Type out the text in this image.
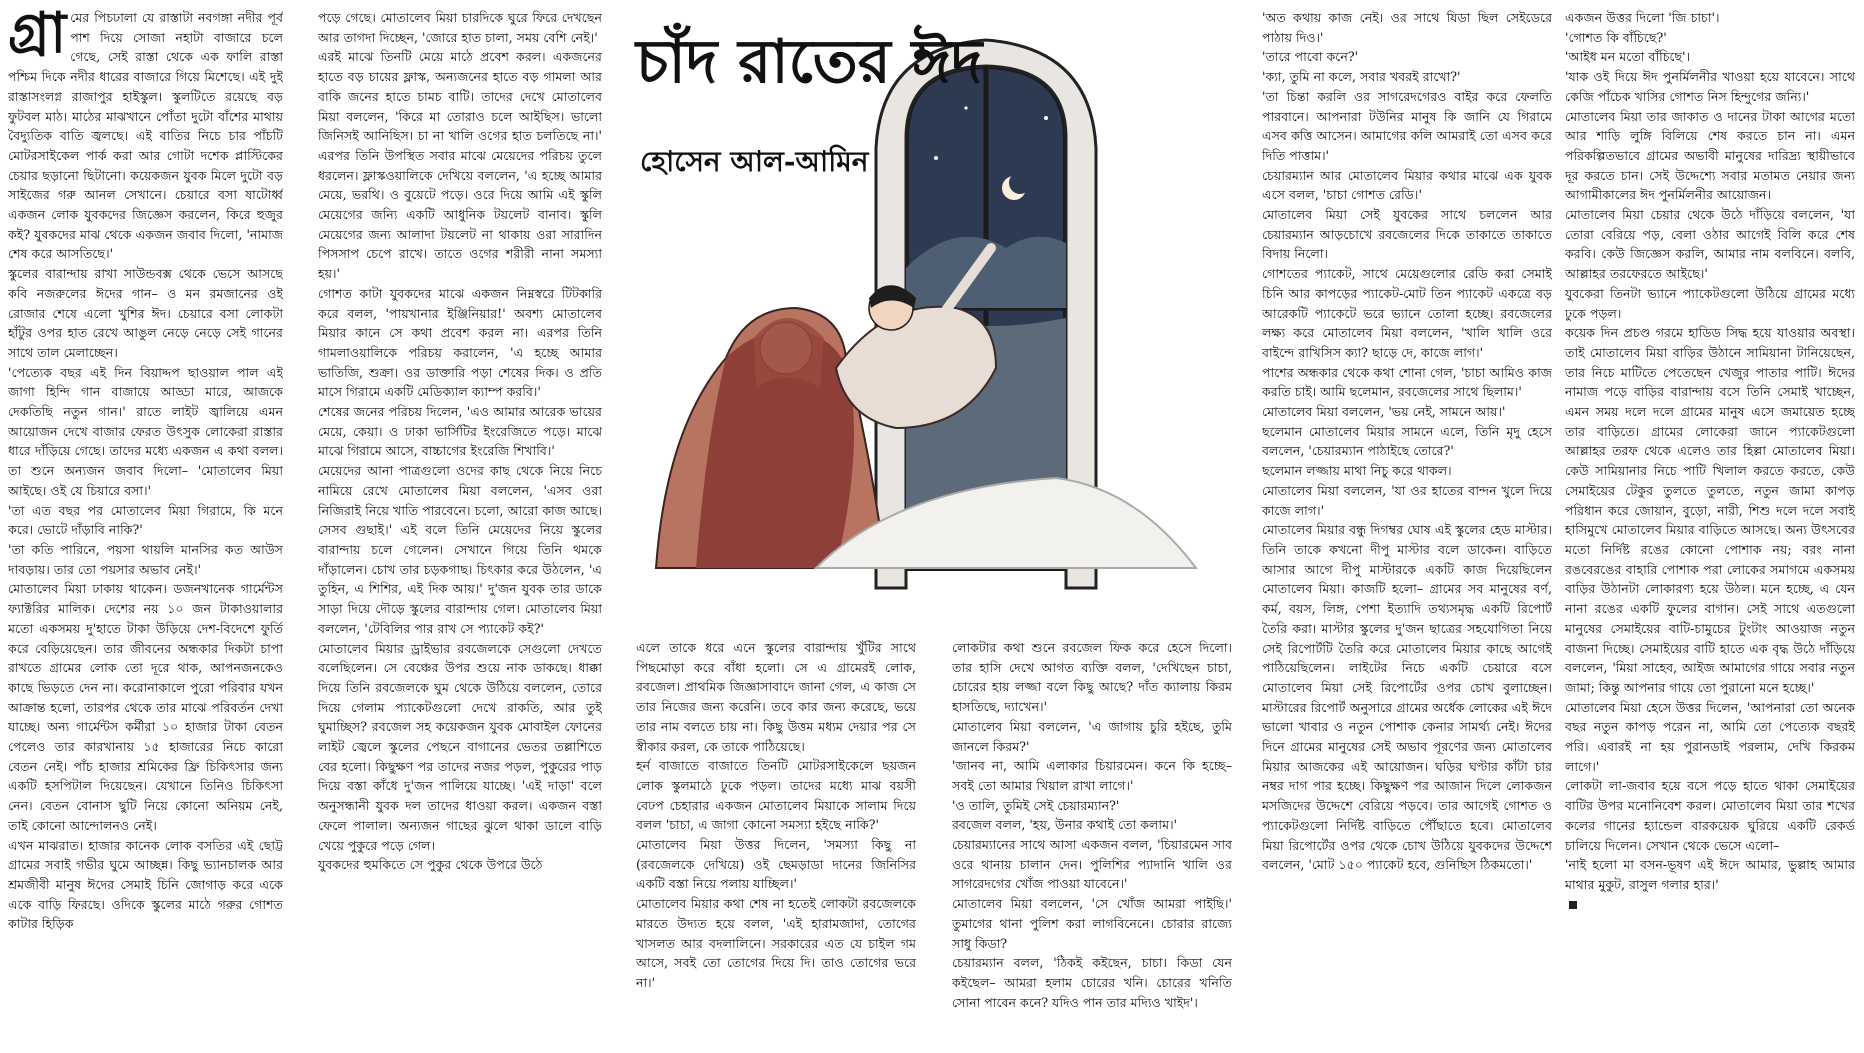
গ্রা মের পিচঢালা যে রাস্তাটা নবগঙ্গা নদীর পূর্ব পাশ দিয়ে সোজা নহাটা বাজারে চলে গেছে, সেই রাস্তা থেকে এক ফালি রাস্তা পশ্চিম দিকে নদীর ধারের বাজারে গিয়ে মিশেছে। এই দুই রাস্তাসংলগ্ন রাজাপুর হাইস্কুল। স্কুলটিতে রয়েছে বড় ফুটবল মাঠ। মাঠের মাঝখানে পোঁতা দুটো বাঁশের মাথায় বৈদ্যুতিক বাতি জ্বলছে। এই বাতির নিচে চার পাঁচটি মোটরসাইকেল পার্ক করা আর গোটা দশেক প্লাস্টিকের চেয়ার ছড়ানো ছিটানো। কয়েকজন যুবক মিলে দুটো বড় সাইজের গরু আনল সেখানে। চেয়ারে বসা ষাটোর্ধ্ব একজন লোক যুবকদের জিজ্ঞেস করলেন, কিরে হুজুর কই? যুবকদের মাঝ থেকে একজন জবাব দিলো, 'নামাজ শেষ করে আসতিছে।'

স্কুলের বারান্দায় রাখা সাউন্ডবক্স থেকে ভেসে আসছে কবি নজরুলের ঈদের গান– ও মন রমজানের ওই রোজার শেষে এলো খুশির ঈদ। চেয়ারে বসা লোকটা হাঁটুর ওপর হাত রেখে আঙুল নেড়ে নেড়ে সেই গানের সাথে তাল মেলাচ্ছেন।

'পেত্যেক বছর এই দিন বিয়াদ্দপ ছাওয়াল পাল এই জাগা হিন্দি গান বাজায়ে আড্ডা মারে, আজকে দেকতিছি নতুন গান।' রাতে লাইট জ্বালিয়ে এমন আয়োজন দেখে বাজার ফেরত উৎসুক লোকেরা রাস্তার ধারে দাঁড়িয়ে গেছে। তাদের মধ্যে একজন এ কথা বলল। তা শুনে অন্যজন জবাব দিলো– 'মোতালেব মিয়া আইছে। ওই যে চিয়ারে বসা।'

'তা এত বছর পর মোতালেব মিয়া গিরামে, কি মনে করে। ভোটে দাঁড়াবি নাকি?'

'তা কতি পারিনে, পয়সা থায়লি মানসির কত আউস দাবড়ায়। তার তো পয়সার অভাব নেই।'

মোতালেব মিয়া ঢাকায় থাকেন। ডজনখানেক গার্মেন্টস ফ্যাক্টরির মালিক। দেশের নয় ১০ জন টাকাওয়ালার মতো একসময় দু'হাতে টাকা উড়িয়ে দেশ-বিদেশে ফুর্তি করে বেড়িয়েছেন। তার জীবনের অন্ধকার দিকটা চাপা রাখতে গ্রামের লোক তো দূরে থাক, আপনজনকেও কাছে ভিড়তে দেন না। করোনাকালে পুরো পরিবার যখন আক্রান্ত হলো, তারপর থেকে তার মাঝে পরিবর্তন দেখা যাচ্ছে। অন্য গার্মেন্টস কর্মীরা ১০ হাজার টাকা বেতন পেলেও তার কারখানায় ১৫ হাজারের নিচে কারো বেতন নেই। পাঁচ হাজার শ্রমিকের ফ্রি চিকিৎসার জন্য একটি হসপিটাল দিয়েছেন। যেখানে তিনিও চিকিৎসা নেন। বেতন বোনাস ছুটি নিয়ে কোনো অনিয়ম নেই, তাই কোনো আন্দোলনও নেই।

এখন মাঝরাত। হাজার কানেক লোক বসতির এই ছোট্ট গ্রামের সবাই গভীর ঘুমে আচ্ছন্ন। কিছু ভ্যানচালক আর শ্রমজীবী মানুষ ঈদের সেমাই চিনি জোগাড় করে একে একে বাড়ি ফিরছে। ওদিকে স্কুলের মাঠে গরুর গোশত কাটার হিড়িক

পড়ে গেছে। মোতালেব মিয়া চারদিকে ঘুরে ফিরে দেখছেন আর তাগদা দিচ্ছেন, 'জোরে হাত চালা, সময় বেশি নেই।'

এরই মাঝে তিনটি মেয়ে মাঠে প্রবেশ করল। একজনের হাতে বড় চায়ের ফ্লাস্ক, অন্যজনের হাতে বড় গামলা আর বাকি জনের হাতে চামচ বাটি। তাদের দেখে মোতালেব মিয়া বললেন, 'কিরে মা তোরাও চলে আইছিস। ভালো জিনিসই আনিছিস। চা না খালি ওগের হাত চলতিছে না।' এরপর তিনি উপস্থিত সবার মাঝে মেয়েদের পরিচয় তুলে ধরলেন। ফ্লাস্কওয়ালিকে দেখিয়ে বললেন, 'এ হচ্ছে আমার মেয়ে, ভরথি। ও বুয়েটে পড়ে। ওরে দিয়ে আমি এই স্কুলি মেয়েগের জন্যি একটি আধুনিক টয়লেট বানাব। স্কুলি মেয়েগের জন্য আলাদা টয়লেট না থাকায় ওরা সারাদিন পিসসাপ চেপে রাখে। তাতে ওগের শরীরী নানা সমস্যা হয়।'

গোশত কাটা যুবকদের মাঝে একজন নিম্নস্বরে টিটকারি করে বলল, 'পায়খানার ইঞ্জিনিয়ার!' অবশ্য মোতালেব মিয়ার কানে সে কথা প্রবেশ করল না। এরপর তিনি গামলাওয়ালিকে পরিচয় করালেন, 'এ হচ্ছে আমার ভাতিজি, শুক্রা। ওর ডাক্তারি পড়া শেষের দিক। ও প্রতি মাসে গিরামে একটি মেডিক্যাল ক্যাম্প করবি।'

শেষের জনের পরিচয় দিলেন, 'এও আমার আরেক ভায়ের মেয়ে, কেয়া। ও ঢাকা ভার্সিটির ইংরেজিতে পড়ে। মাঝে মাঝে গিরামে আসে, বাচ্চাগের ইংরেজি শিখাবি।'

মেয়েদের আনা পাত্রগুলো ওদের কাছ থেকে নিয়ে নিচে নামিয়ে রেখে মোতালেব মিয়া বললেন, 'এসব ওরা নিজিরাই নিয়ে খাতি পারবেনে। চলো, আরো কাজ আছে। সেসব গুছাই।' এই বলে তিনি মেয়েদের নিয়ে স্কুলের বারান্দায় চলে গেলেন। সেখানে গিয়ে তিনি থমকে দাঁড়ালেন। চোখ তার চড়কগাছ। চিৎকার করে উঠলেন, 'এ তুহিন, এ শিশির, এই দিক আয়।' দু'জন যুবক তার ডাকে সাড়া দিয়ে দৌড়ে স্কুলের বারান্দায় গেল। মোতালেব মিয়া বললেন, 'টেবিলির পার রাখ সে প্যাকেট কই?'

মোতালেব মিয়ার ড্রাইভার রবজেলকে সেগুলো দেখতে বলেছিলেন। সে বেঞ্চের উপর শুয়ে নাক ডাকছে। ধাক্কা দিয়ে তিনি রবজেলকে ঘুম থেকে উঠিয়ে বললেন, তোরে দিয়ে গেলাম প্যাকেটগুলো দেখে রাকতি, আর তুই ঘুমাচ্ছিস? রবজেল সহ কয়েকজন যুবক মোবাইল ফোনের লাইট জ্বেলে স্কুলের পেছনে বাগানের ভেতর তল্লাশিতে বের হলো। কিছুক্ষণ পর তাদের নজর পড়ল, পুকুরের পাড় দিয়ে বস্তা কাঁধে দু'জন পালিয়ে যাচ্ছে। 'এই দাড়া' বলে অনুসন্ধানী যুবক দল তাদের ধাওয়া করল। একজন বস্তা ফেলে পালাল। অন্যজন গাছের ঝুলে থাকা ডালে বাড়ি খেয়ে পুকুরে পড়ে গেল।

যুবকদের হুমকিতে সে পুকুর থেকে উপরে উঠে

চাঁদ রাতের ঈদ
হোসেন আল-আমিন

এলে তাকে ধরে এনে স্কুলের বারান্দায় খুঁটির সাথে পিছমোড়া করে বাঁধা হলো। সে এ গ্রামেরই লোক, রবজেল। প্রাথমিক জিজ্ঞাসাবাদে জানা গেল, এ কাজ সে তার নিজের জন্য করেনি। তবে কার জন্য করেছে, ভয়ে তার নাম বলতে চায় না। কিছু উত্তম মধ্যম দেয়ার পর সে স্বীকার করল, কে তাকে পাঠিয়েছে।

হর্ন বাজাতে বাজাতে তিনটি মোটরসাইকেলে ছয়জন লোক স্কুলমাঠে ঢুকে পড়ল। তাদের মধ্যে মাঝ বয়সী বেঢপ চেহারার একজন মোতালেব মিয়াকে সালাম দিয়ে বলল 'চাচা, এ জাগা কোনো সমস্যা হইছে নাকি?'

মোতালেব মিয়া উত্তর দিলেন, 'সমস্যা কিছু না (রবজেলকে দেখিয়ে) ওই ছেমড়াডা দানের জিনিসির একটি বস্তা নিয়ে পলায় যাচ্ছিল।'

মোতালেব মিয়ার কথা শেষ না হতেই লোকটা রবজেলকে মারতে উদ্যত হয়ে বলল, 'এই হারামজাদা, তোগের খাসলত আর বদলালিনে। সরকারের এত যে চাইল গম আসে, সবই তো তোগের দিয়ে দি। তাও তোগের ভরে না।'

লোকটার কথা শুনে রবজেল ফিক করে হেসে দিলো। তার হাসি দেখে আগত ব্যক্তি বলল, 'দেখিছেন চাচা, চোরের হায় লজ্জা বলে কিছু আছে? দাঁত ক্যালায় কিরম হাসতিছে, দ্যাখেন।'

মোতালেব মিয়া বললেন, 'এ জাগায় চুরি হইছে, তুমি জানলে কিরম?'

'জানব না, আমি এলাকার চিয়ারমেন। কনে কি হচ্ছে– সবই তো আমার খিয়াল রাখা লাগে।'

'ও তালি, তুমিই সেই চেয়ারম্যান?'

রবজেল বলল, 'হয়, উনার কথাই তো কলাম।'

চেয়ারম্যানের সাথে আসা একজন বলল, 'চিয়ারমেন সাব ওরে থানায় চালান দেন। পুলিশির প্যাদানি খালি ওর সাগরেদগের খোঁজ পাওয়া যাবেনে।'

মোতালেব মিয়া বললেন, 'সে খোঁজ আমরা পাইছি।' তুমাগের থানা পুলিশ করা লাগবিনেনে। চোরার রাজ্যে সাধু কিডা?

চেয়ারম্যান বলল, 'ঠিকই কইছেন, চাচা। কিডা যেন কইছেল– আমরা হলাম চোরের খনি। চোরের খনিতি সোনা পাবেন কনে? যদিও পান তার মদ্যিও খাইদ'।

'অত কথায় কাজ নেই। ওর সাথে যিডা ছিল সেইডেরে পাঠায় দিও।'

'তারে পাবো কনে?'

'ক্যা, তুমি না কলে, সবার খবরই রাখো?'

'তা চিন্তা করলি ওর সাগরেদগেরও বাইর করে ফেলতি পারবানে। আপনারা টউনির মানুষ কি জানি যে গিরামে এসব কত্তি আসেন। আমাগের কলি আমরাই তো এসব করে দিতি পাত্তাম।'

চেয়ারম্যান আর মোতালেব মিয়ার কথার মাঝে এক যুবক এসে বলল, 'চাচা গোশত রেডি।'

মোতালেব মিয়া সেই যুবকের সাথে চললেন আর চেয়ারম্যান আড়চোখে রবজেলের দিকে তাকাতে তাকাতে বিদায় নিলো।

গোশতের প্যাকেট, সাথে মেয়েগুলোর রেডি করা সেমাই চিনি আর কাপড়ের প্যাকেট-মোট তিন প্যাকেট একত্রে বড় আরেকটি প্যাকেটে ভরে ভ্যানে তোলা হচ্ছে। রবজেলের লক্ষ্য করে মোতালেব মিয়া বললেন, 'খালি খালি ওরে বাইন্দে রাখিসিস ক্যা? ছাড়ে দে, কাজে লাগ।'

পাশের অন্ধকার থেকে কথা শোনা গেল, 'চাচা আমিও কাজ করতি চাই। আমি ছলেমান, রবজেলের সাথে ছিলাম।'

মোতালেব মিয়া বললেন, 'ভয় নেই, সামনে আয়।'

ছলেমান মোতালেব মিয়ার সামনে এলে, তিনি মৃদু হেসে বললেন, 'চেয়ারম্যান পাঠাইছে তোরে?'

ছলেমান লজ্জায় মাথা নিচু করে থাকল।

মোতালেব মিয়া বললেন, 'যা ওর হাতের বান্দন খুলে দিয়ে কাজে লাগ।'

মোতালেব মিয়ার বন্ধু দিগম্বর ঘোষ এই স্কুলের হেড মাস্টার। তিনি তাকে কখনো দীপু মাস্টার বলে ডাকেন। বাড়িতে আসার আগে দীপু মাস্টারকে একটি কাজ দিয়েছিলেন মোতালেব মিয়া। কাজটি হলো– গ্রামের সব মানুষের বর্ণ, কর্ম, বয়স, লিঙ্গ, পেশা ইত্যাদি তথ্যসমৃদ্ধ একটি রিপোর্ট তৈরি করা। মাস্টার স্কুলের দু'জন ছাত্রের সহযোগিতা নিয়ে সেই রিপোর্টটি তৈরি করে মোতালেব মিয়ার কাছে আগেই পাঠিয়েছিলেন। লাইটের নিচে একটি চেয়ারে বসে মোতালেব মিয়া সেই রিপোর্টের ওপর চোখ বুলাচ্ছেন। মাস্টারের রিপোর্ট অনুসারে গ্রামের অর্ধেক লোকের এই ঈদে ভালো খাবার ও নতুন পোশাক কেনার সামর্থ্য নেই। ঈদের দিনে গ্রামের মানুষের সেই অভাব পূরণের জন্য মোতালেব মিয়ার আজকের এই আয়োজন। ঘড়ির ঘণ্টার কাঁটা চার নম্বর দাগ পার হচ্ছে। কিছুক্ষণ পর আজান দিলে লোকজন মসজিদের উদ্দেশে বেরিয়ে পড়বে। তার আগেই গোশত ও প্যাকেটগুলো নির্দিষ্ট বাড়িতে পৌঁছাতে হবে। মোতালেব মিয়া রিপোর্টের ওপর থেকে চোখ উঠিয়ে যুবকদের উদ্দেশে বললেন, 'মোট ১৫০ প্যাকেট হবে, গুনিছিস ঠিকমতো।'

একজন উত্তর দিলো 'জি চাচা'।

'গোশত কি বাঁচিছে?'

'আইধ মন মতো বাঁচিছে'।

'যাক ওই দিয়ে ঈদ পুনর্মিলনীর খাওয়া হয়ে যাবেনে। সাথে কেজি পাঁচেক খাসির গোশত নিস হিন্দুগের জন্যি।'

মোতালেব মিয়া তার জাকাত ও দানের টাকা আগের মতো আর শাড়ি লুঙ্গি বিলিয়ে শেষ করতে চান না। এমন পরিকল্পিতভাবে গ্রামের অভাবী মানুষের দারিদ্র্য স্থায়ীভাবে দূর করতে চান। সেই উদ্দেশ্যে সবার মতামত নেয়ার জন্য আগামীকালের ঈদ পুনর্মিলনীর আয়োজন।

মোতালেব মিয়া চেয়ার থেকে উঠে দাঁড়িয়ে বললেন, 'যা তোরা বেরিয়ে পড়, বেলা ওঠার আগেই বিলি করে শেষ করবি। কেউ জিজ্ঞেস করলি, আমার নাম বলবিনে। বলবি, আল্লাহর তরফেরতে আইছে।'

যুবকেরা তিনটা ভ্যানে প্যাকেটগুলো উঠিয়ে গ্রামের মধ্যে ঢুকে পড়ল।

কয়েক দিন প্রচণ্ড গরমে হাডিড সিদ্ধ হয়ে যাওয়ার অবস্থা। তাই মোতালেব মিয়া বাড়ির উঠানে সামিয়ানা টানিয়েছেন, তার নিচে মাটিতে পেতেছেন খেজুর পাতার পাটি। ঈদের নামাজ পড়ে বাড়ির বারান্দায় বসে তিনি সেমাই খাচ্ছেন, এমন সময় দলে দলে গ্রামের মানুষ এসে জমায়েত হচ্ছে তার বাড়িতে। গ্রামের লোকেরা জানে প্যাকেটগুলো আল্লাহর তরফ থেকে এলেও তার হিল্লা মোতালেব মিয়া। কেউ সামিয়ানার নিচে পাটি খিলাল করতে করতে, কেউ সেমাইয়ের টেকুর তুলতে তুলতে, নতুন জামা কাপড় পরিধান করে জোয়ান, বুড়ো, নারী, শিশু দলে দলে সবাই হাসিমুখে মোতালেব মিয়ার বাড়িতে আসছে। অন্য উৎসবের মতো নির্দিষ্ট রঙের কোনো পোশাক নয়; বরং নানা রঙবেরঙের বাহারি পোশাক পরা লোকের সমাগমে একসময় বাড়ির উঠানটা লোকারণ্য হয়ে উঠল। মনে হচ্ছে, এ যেন নানা রঙের একটি ফুলের বাগান। সেই সাথে এতগুলো মানুষের সেমাইয়ের বাটি-চামুচের টুংটাং আওয়াজ নতুন বাজনা দিচ্ছে। সেমাইয়ের বাটি হাতে এক বৃদ্ধ উঠে দাঁড়িয়ে বললেন, 'মিয়া সাহেব, আইজ আমাগের গায়ে সবার নতুন জামা; কিন্তু আপনার গায়ে তো পুরানো মনে হচ্ছে।'

মোতালেব মিয়া হেসে উত্তর দিলেন, 'আপনারা তো অনেক বছর নতুন কাপড় পরেন না, আমি তো পেত্যেক বছরই পরি। এবারই না হয় পুরানডাই পরলাম, দেখি কিরকম লাগে।'

লোকটা লা-জবাব হয়ে বসে পড়ে হাতে থাকা সেমাইয়ের বাটির উপর মনোনিবেশ করল। মোতালেব মিয়া তার শখের কলের গানের হ্যান্ডেল বারকয়েক ঘুরিয়ে একটি রেকর্ড চালিয়ে দিলেন। সেখান থেকে ভেসে এলো–

'নাই হলো মা বসন-ভূষণ এই ঈদে আমার, ভুল্লাহ আমার মাথার মুকুট, রাসুল গলার হার।'
